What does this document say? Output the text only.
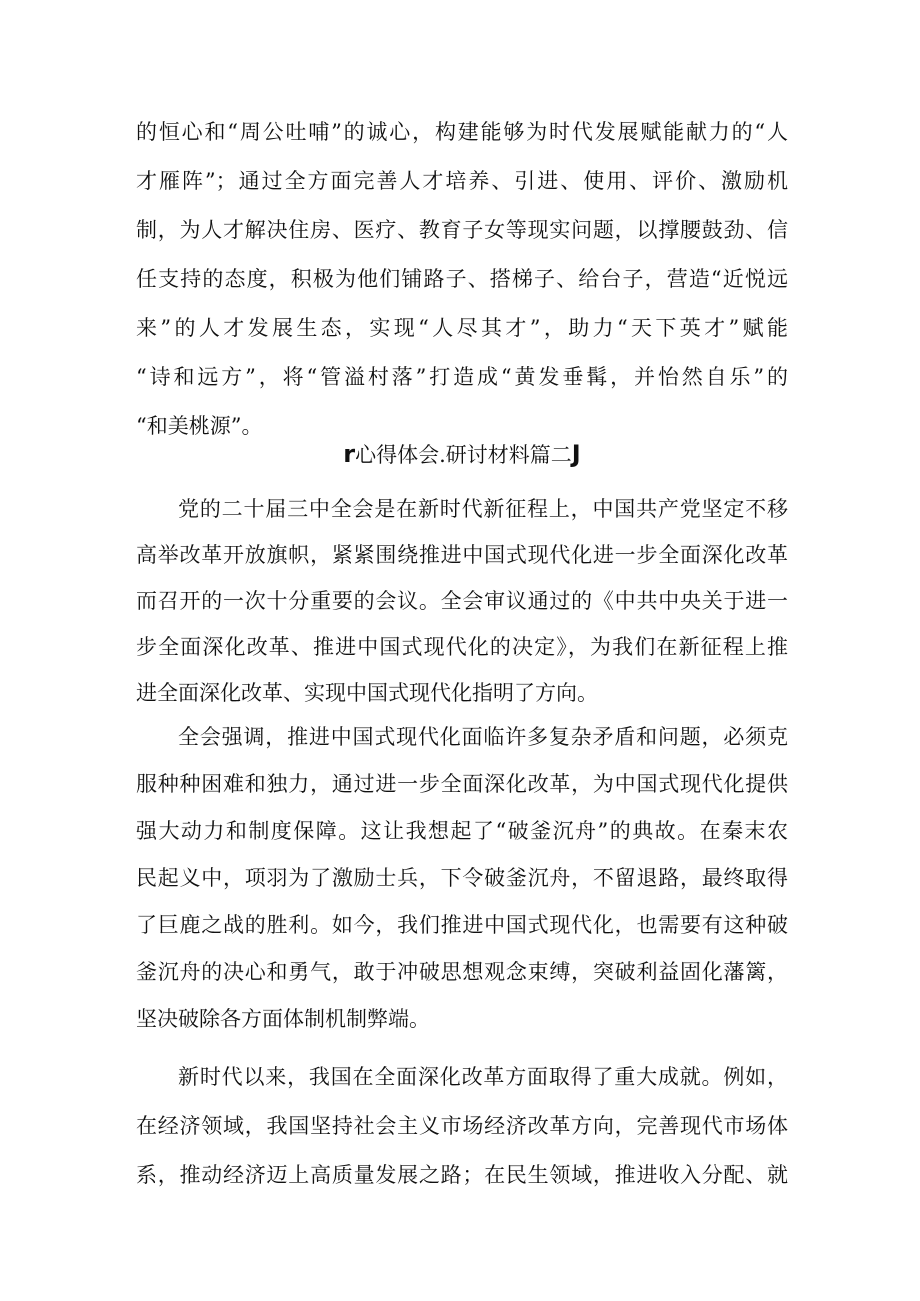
的恒心和“周公吐哺”的诚心，构建能够为时代发展赋能献力的“人
才雁阵”；通过全方面完善人才培养、引进、使用、评价、激励机
制，为人才解决住房、医疗、教育子女等现实问题，以撑腰鼓劲、信
任支持的态度，积极为他们铺路子、搭梯子、给台子，营造“近悦远
来”的人才发展生态，实现“人尽其才”，助力“天下英才”赋能
“诗和远方”，将“管溢村落”打造成“黄发垂髯，并怡然自乐”的
“和美桃源”。
r心得体会.研讨材料篇二J
党的二十届三中全会是在新时代新征程上，中国共产党坚定不移
高举改革开放旗帜，紧紧围绕推进中国式现代化进一步全面深化改革
而召开的一次十分重要的会议。全会审议通过的《中共中央关于进一
步全面深化改革、推进中国式现代化的决定》，为我们在新征程上推
进全面深化改革、实现中国式现代化指明了方向。
全会强调，推进中国式现代化面临许多复杂矛盾和问题，必须克
服种种困难和独力，通过进一步全面深化改革，为中国式现代化提供
强大动力和制度保障。这让我想起了“破釜沉舟”的典故。在秦末农
民起义中，项羽为了激励士兵，下令破釜沉舟，不留退路，最终取得
了巨鹿之战的胜利。如今，我们推进中国式现代化，也需要有这种破
釜沉舟的决心和勇气，敢于冲破思想观念束缚，突破利益固化藩篱，
坚决破除各方面体制机制弊端。
新时代以来，我国在全面深化改革方面取得了重大成就。例如，
在经济领域，我国坚持社会主义市场经济改革方向，完善现代市场体
系，推动经济迈上高质量发展之路；在民生领域，推进收入分配、就
